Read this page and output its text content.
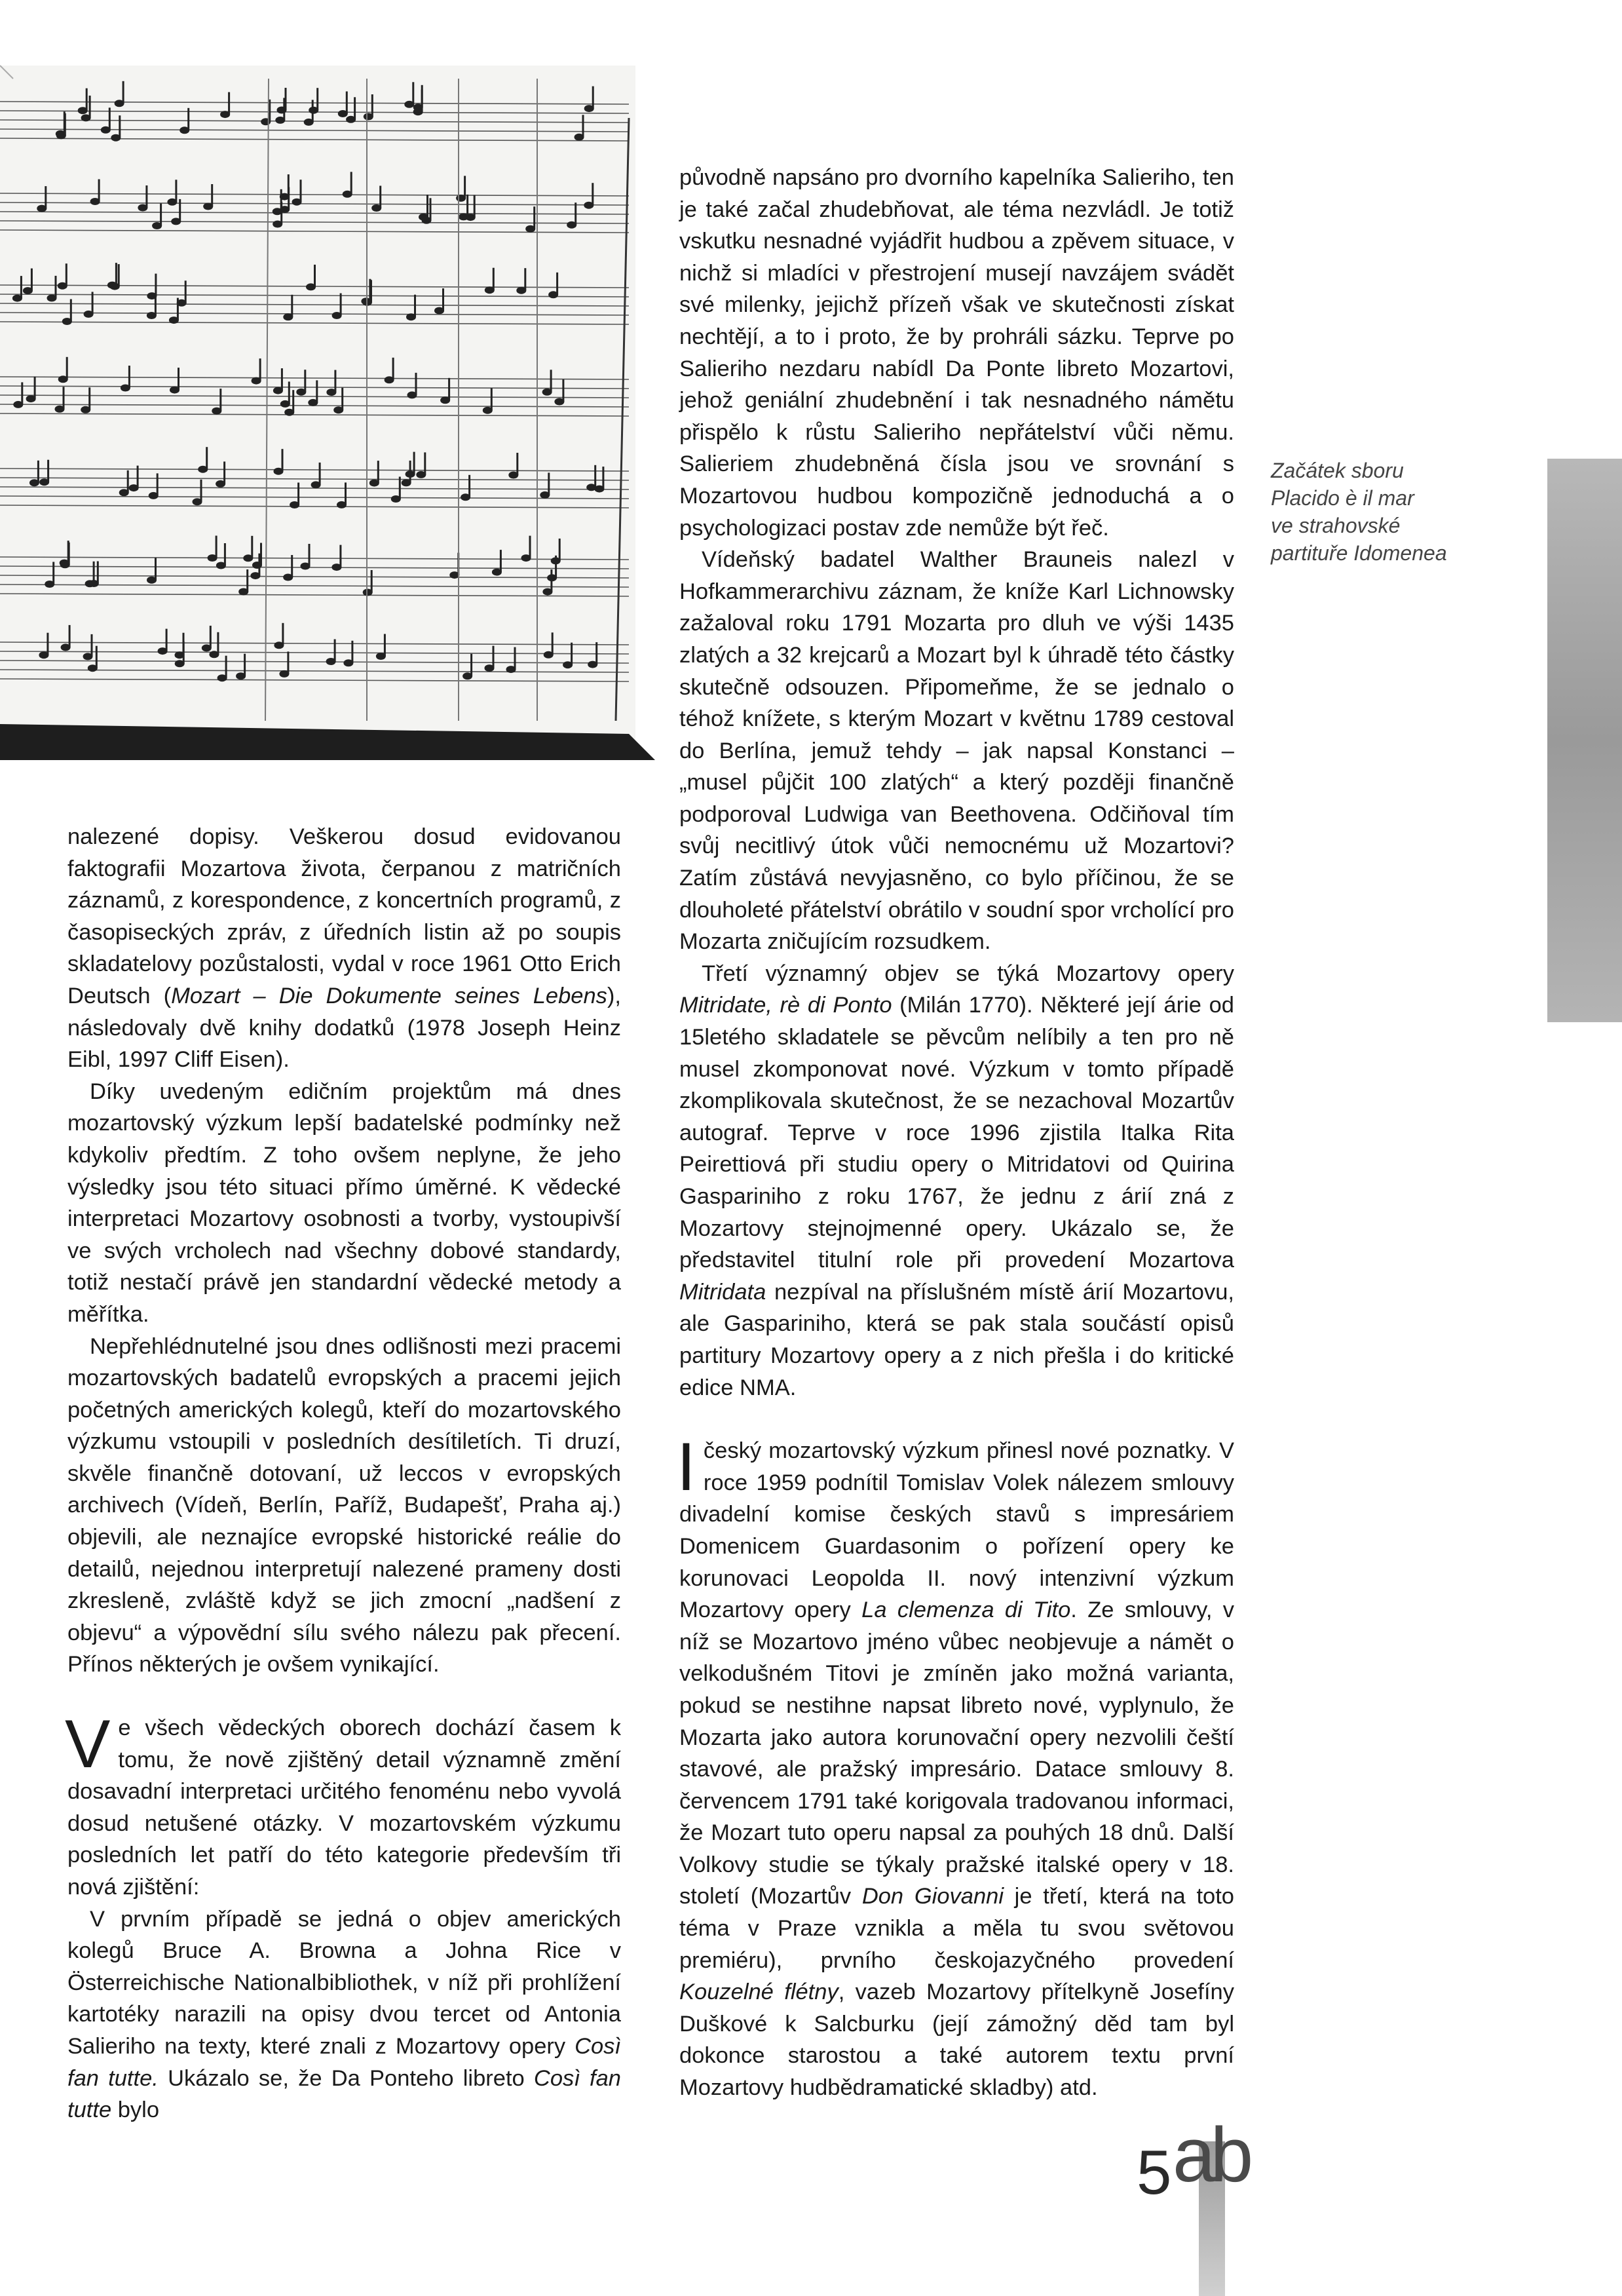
nalezené dopisy. Veškerou dosud evidovanou faktografii Mozartova života, čerpanou z matričních záznamů, z korespondence, z koncertních programů, z časopiseckých zpráv, z úředních listin až po soupis skladatelovy pozůstalosti, vydal v roce 1961 Otto Erich Deutsch (Mozart – Die Dokumente seines Lebens), následovaly dvě knihy dodatků (1978 Joseph Heinz Eibl, 1997 Cliff Eisen).

Díky uvedeným edičním projektům má dnes mozartovský výzkum lepší badatelské podmínky než kdykoliv předtím. Z toho ovšem neplyne, že jeho výsledky jsou této situaci přímo úměrné. K vědecké interpretaci Mozartovy osobnosti a tvorby, vystoupivší ve svých vrcholech nad všechny dobové standardy, totiž nestačí právě jen standardní vědecké metody a měřítka.

Nepřehlédnutelné jsou dnes odlišnosti mezi pracemi mozartovských badatelů evropských a pracemi jejich početných amerických kolegů, kteří do mozartovského výzkumu vstoupili v posledních desítiletích. Ti druzí, skvěle finančně dotovaní, už leccos v evropských archivech (Vídeň, Berlín, Paříž, Budapešť, Praha aj.) objevili, ale neznajíce evropské historické reálie do detailů, nejednou interpretují nalezené prameny dosti zkresleně, zvláště když se jich zmocní „nadšení z objevu“ a výpovědní sílu svého nálezu pak přecení. Přínos některých je ovšem vynikající.

Ve všech vědeckých oborech dochází časem k tomu, že nově zjištěný detail významně změní dosavadní interpretaci určitého fenoménu nebo vyvolá dosud netušené otázky. V mozartovském výzkumu posledních let patří do této kategorie především tři nová zjištění:

V prvním případě se jedná o objev amerických kolegů Bruce A. Browna a Johna Rice v Österreichische Nationalbibliothek, v níž při prohlížení kartotéky narazili na opisy dvou tercet od Antonia Salieriho na texty, které znali z Mozartovy opery Così fan tutte. Ukázalo se, že Da Ponteho libreto Così fan tutte bylo

původně napsáno pro dvorního kapelníka Salieriho, ten je také začal zhudebňovat, ale téma nezvládl. Je totiž vskutku nesnadné vyjádřit hudbou a zpěvem situace, v nichž si mladíci v přestrojení musejí navzájem svádět své milenky, jejichž přízeň však ve skutečnosti získat nechtějí, a to i proto, že by prohráli sázku. Teprve po Salieriho nezdaru nabídl Da Ponte libreto Mozartovi, jehož geniální zhudebnění i tak nesnadného námětu přispělo k růstu Salieriho nepřátelství vůči němu. Salieriem zhudebněná čísla jsou ve srovnání s Mozartovou hudbou kompozičně jednoduchá a o psychologizaci postav zde nemůže být řeč.

Vídeňský badatel Walther Brauneis nalezl v Hofkammerarchivu záznam, že kníže Karl Lichnowsky zažaloval roku 1791 Mozarta pro dluh ve výši 1435 zlatých a 32 krejcarů a Mozart byl k úhradě této částky skutečně odsouzen. Připomeňme, že se jednalo o téhož knížete, s kterým Mozart v květnu 1789 cestoval do Berlína, jemuž tehdy – jak napsal Konstanci – „musel půjčit 100 zlatých“ a který později finančně podporoval Ludwiga van Beethovena. Odčiňoval tím svůj necitlivý útok vůči nemocnému už Mozartovi? Zatím zůstává nevyjasněno, co bylo příčinou, že se dlouholeté přátelství obrátilo v soudní spor vrcholící pro Mozarta zničujícím rozsudkem.

Třetí významný objev se týká Mozartovy opery Mitridate, rè di Ponto (Milán 1770). Některé její árie od 15letého skladatele se pěvcům nelíbily a ten pro ně musel zkomponovat nové. Výzkum v tomto případě zkomplikovala skutečnost, že se nezachoval Mozartův autograf. Teprve v roce 1996 zjistila Italka Rita Peirettiová při studiu opery o Mitridatovi od Quirina Gaspariniho z roku 1767, že jednu z árií zná z Mozartovy stejnojmenné opery. Ukázalo se, že představitel titulní role při provedení Mozartova Mitridata nezpíval na příslušném místě árií Mozartovu, ale Gaspariniho, která se pak stala součástí opisů partitury Mozartovy opery a z nich přešla i do kritické edice NMA.

Ičeský mozartovský výzkum přinesl nové poznatky. V roce 1959 podnítil Tomislav Volek nálezem smlouvy divadelní komise českých stavů s impresáriem Domenicem Guardasonim o pořízení opery ke korunovaci Leopolda II. nový intenzivní výzkum Mozartovy opery La clemenza di Tito. Ze smlouvy, v níž se Mozartovo jméno vůbec neobjevuje a námět o velkodušném Titovi je zmíněn jako možná varianta, pokud se nestihne napsat libreto nové, vyplynulo, že Mozarta jako autora korunovační opery nezvolili čeští stavové, ale pražský impresário. Datace smlouvy 8. červencem 1791 také korigovala tradovanou informaci, že Mozart tuto operu napsal za pouhých 18 dnů. Další Volkovy studie se týkaly pražské italské opery v 18. století (Mozartův Don Giovanni je třetí, která na toto téma v Praze vznikla a měla tu svou světovou premiéru), prvního českojazyčného provedení Kouzelné flétny, vazeb Mozartovy přítelkyně Josefíny Duškové k Salcburku (její zámožný děd tam byl dokonce starostou a také autorem textu první Mozartovy hudbědramatické skladby) atd.

Začátek sboru
Placido è il mar
ve strahovské
partituře Idomenea
5 ab
